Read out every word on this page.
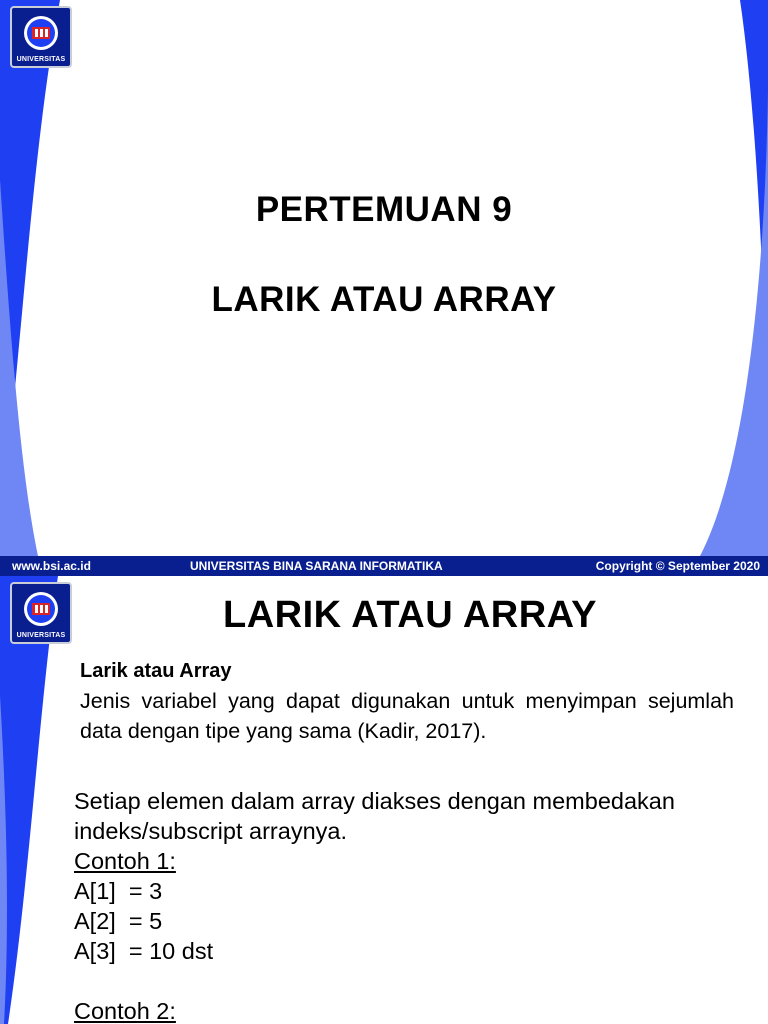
UNIVERSITAS
PERTEMUAN 9
LARIK ATAU ARRAY
www.bsi.ac.id	UNIVERSITAS BINA SARANA INFORMATIKA	Copyright © September 2020
UNIVERSITAS	LARIK ATAU ARRAY
Larik atau Array
Jenis variabel yang dapat digunakan untuk menyimpan sejumlah data dengan tipe yang sama (Kadir, 2017).
Setiap elemen dalam array diakses dengan membedakan
indeks/subscript arraynya.
Contoh 1:
A[1]  = 3
A[2]  = 5
A[3]  = 10 dst
Contoh 2:
